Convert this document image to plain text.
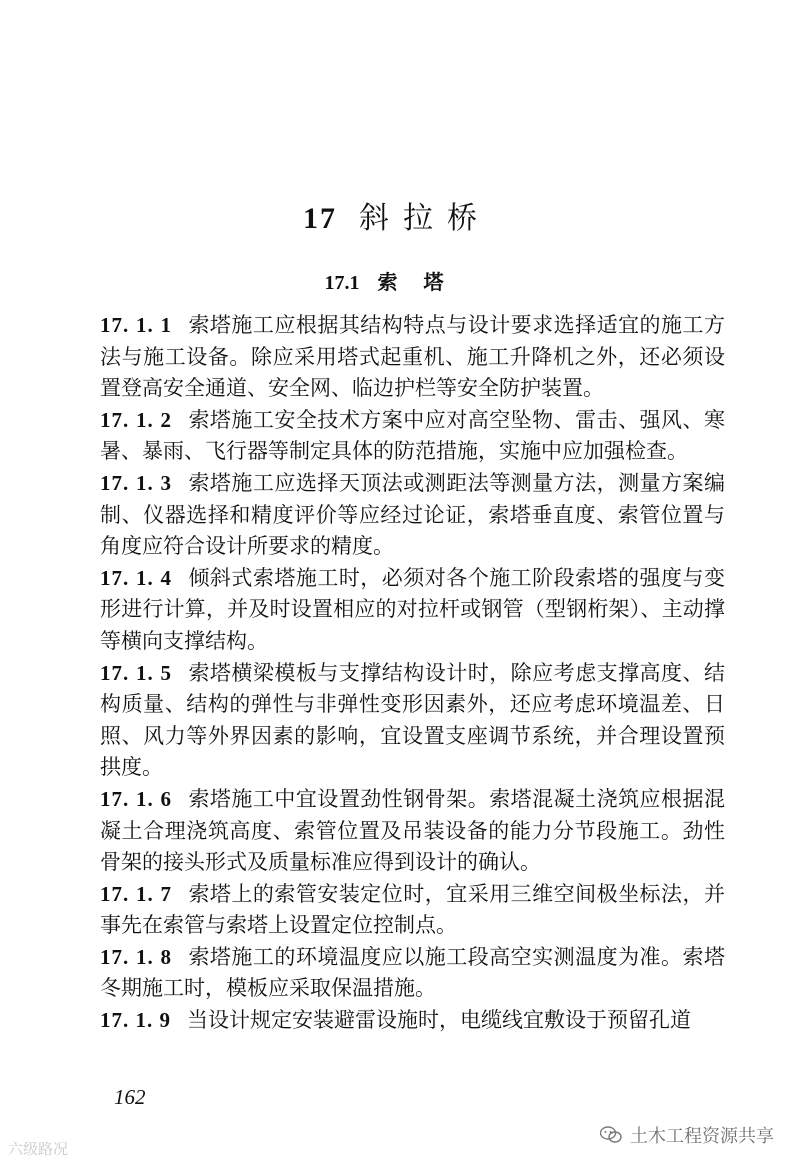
17 斜拉桥
17.1 索塔

17. 1. 1 索塔施工应根据其结构特点与设计要求选择适宜的施工方法与施工设备。除应采用塔式起重机、施工升降机之外，还必须设置登高安全通道、安全网、临边护栏等安全防护装置。

17. 1. 2 索塔施工安全技术方案中应对高空坠物、雷击、强风、寒暑、暴雨、飞行器等制定具体的防范措施，实施中应加强检查。

17. 1. 3 索塔施工应选择天顶法或测距法等测量方法，测量方案编制、仪器选择和精度评价等应经过论证，索塔垂直度、索管位置与角度应符合设计所要求的精度。

17. 1. 4 倾斜式索塔施工时，必须对各个施工阶段索塔的强度与变形进行计算，并及时设置相应的对拉杆或钢管（型钢桁架）、主动撑等横向支撑结构。

17. 1. 5 索塔横梁模板与支撑结构设计时，除应考虑支撑高度、结构质量、结构的弹性与非弹性变形因素外，还应考虑环境温差、日照、风力等外界因素的影响，宜设置支座调节系统，并合理设置预拱度。

17. 1. 6 索塔施工中宜设置劲性钢骨架。索塔混凝土浇筑应根据混凝土合理浇筑高度、索管位置及吊装设备的能力分节段施工。劲性骨架的接头形式及质量标准应得到设计的确认。

17. 1. 7 索塔上的索管安装定位时，宜采用三维空间极坐标法，并事先在索管与索塔上设置定位控制点。

17. 1. 8 索塔施工的环境温度应以施工段高空实测温度为准。索塔冬期施工时，模板应采取保温措施。

17. 1. 9 当设计规定安装避雷设施时，电缆线宜敷设于预留孔道

162
六级路况
土木工程资源共享
